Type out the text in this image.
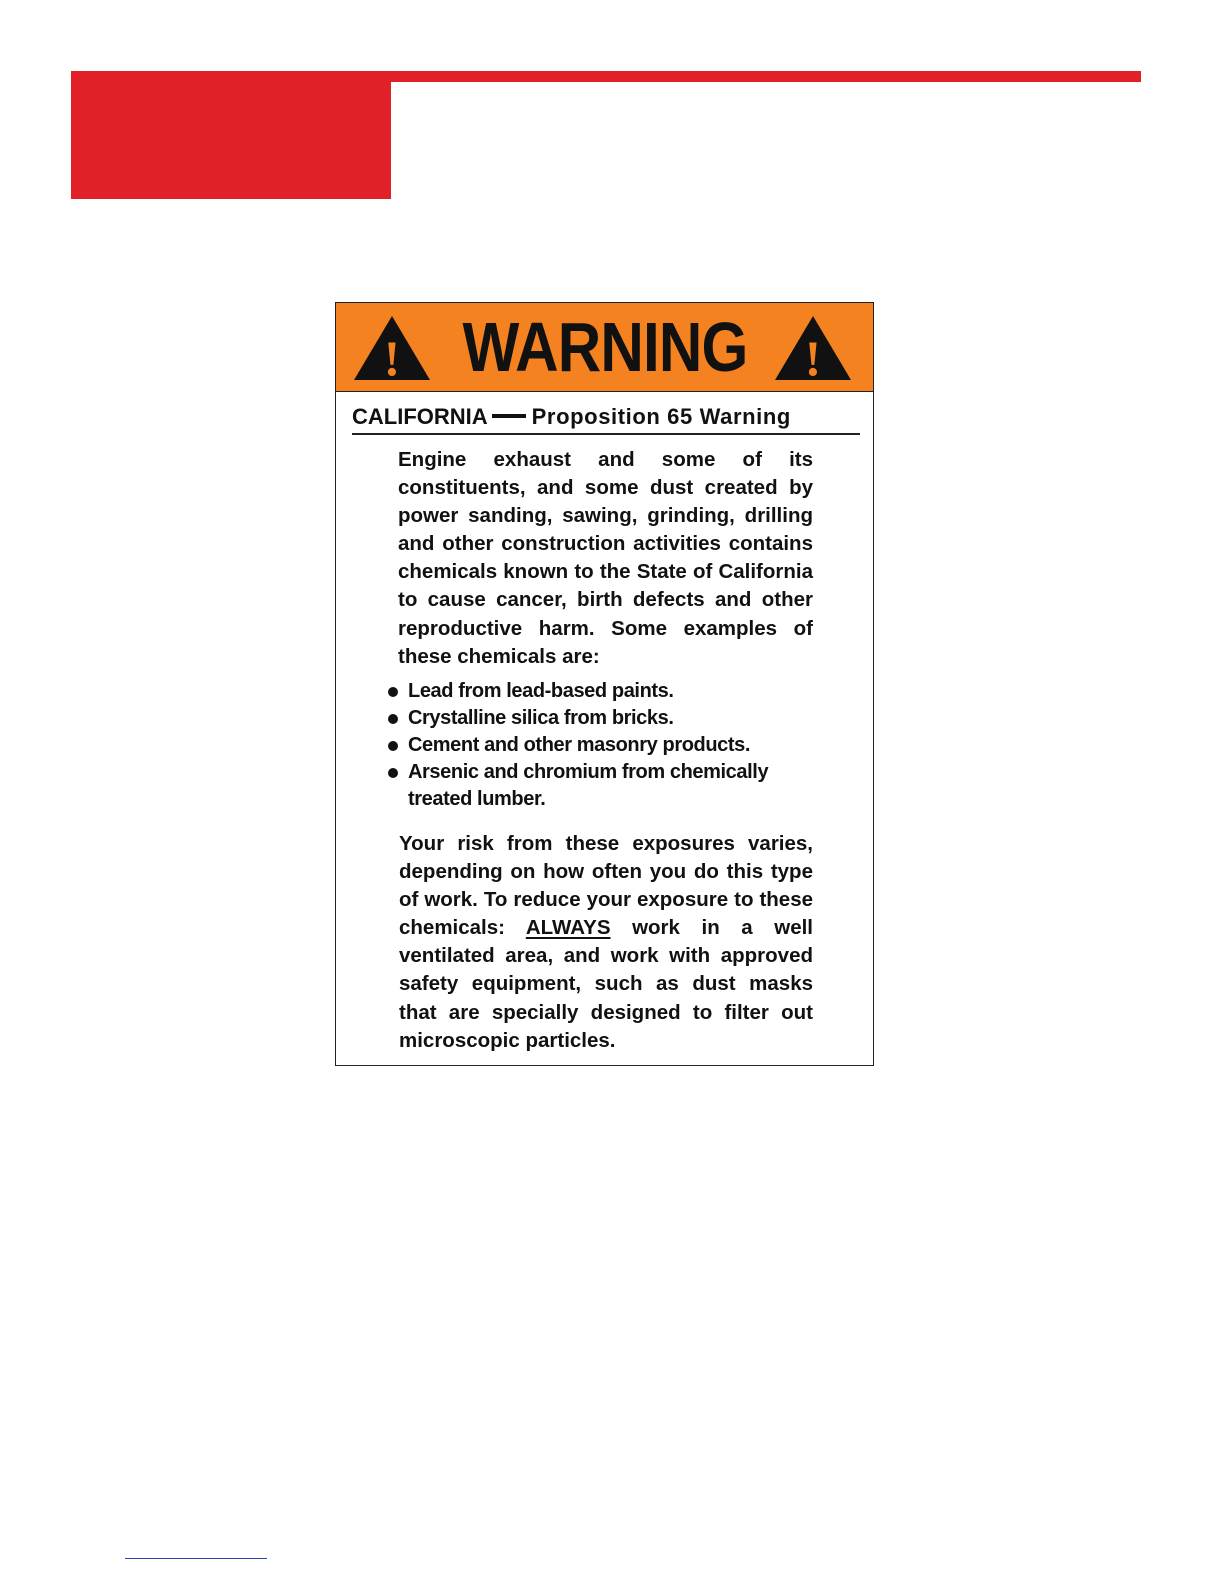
! WARNING !
CALIFORNIA Proposition 65 Warning
Engine exhaust and some of its constituents, and some dust created by power sanding, sawing, grinding, drilling and other construction activities contains chemicals known to the State of California to cause cancer, birth defects and other reproductive harm. Some examples of these chemicals are:
Lead from lead-based paints.
Crystalline silica from bricks.
Cement and other masonry products.
Arsenic and chromium from chemically treated lumber.
Your risk from these exposures varies, depending on how often you do this type of work. To reduce your exposure to these chemicals: ALWAYS work in a well ventilated area, and work with approved safety equipment, such as dust masks that are specially designed to filter out microscopic particles.
